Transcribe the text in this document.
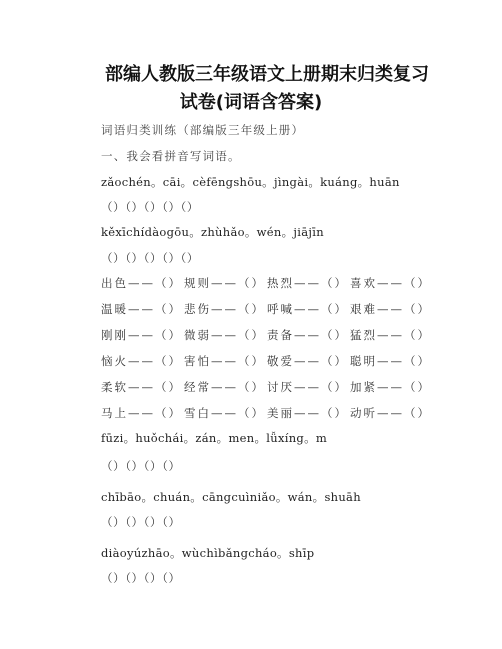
部编人教版三年级语文上册期末归类复习
试卷(词语含答案)
词语归类训练（部编版三年级上册）
一、我会看拼音写词语。
zǎochén。cāi。cèfēngshōu。jìngài。kuáng。huān
（）（）（）（）（）
kěxīchídàogōu。zhùhǎo。wén。jiājīn
（）（）（）（）（）
出色——（） 规则——（） 热烈——（） 喜欢——（）
温暖——（） 悲伤——（） 呼喊——（） 艰难——（）
刚刚——（） 微弱——（） 责备——（） 猛烈——（）
恼火——（） 害怕——（） 敬爱——（） 聪明——（）
柔软——（） 经常——（） 讨厌——（） 加紧——（）
马上——（） 雪白——（） 美丽——（） 动听——（）
fūzi。huǒchái。zán。men。lǚxíng。m
（）（）（）（）
chībāo。chuán。cāngcuìniǎo。wán。shuāh
（）（）（）（）
diàoyúzhāo。wùchìbǎngcháo。shīp
（）（）（）（）
